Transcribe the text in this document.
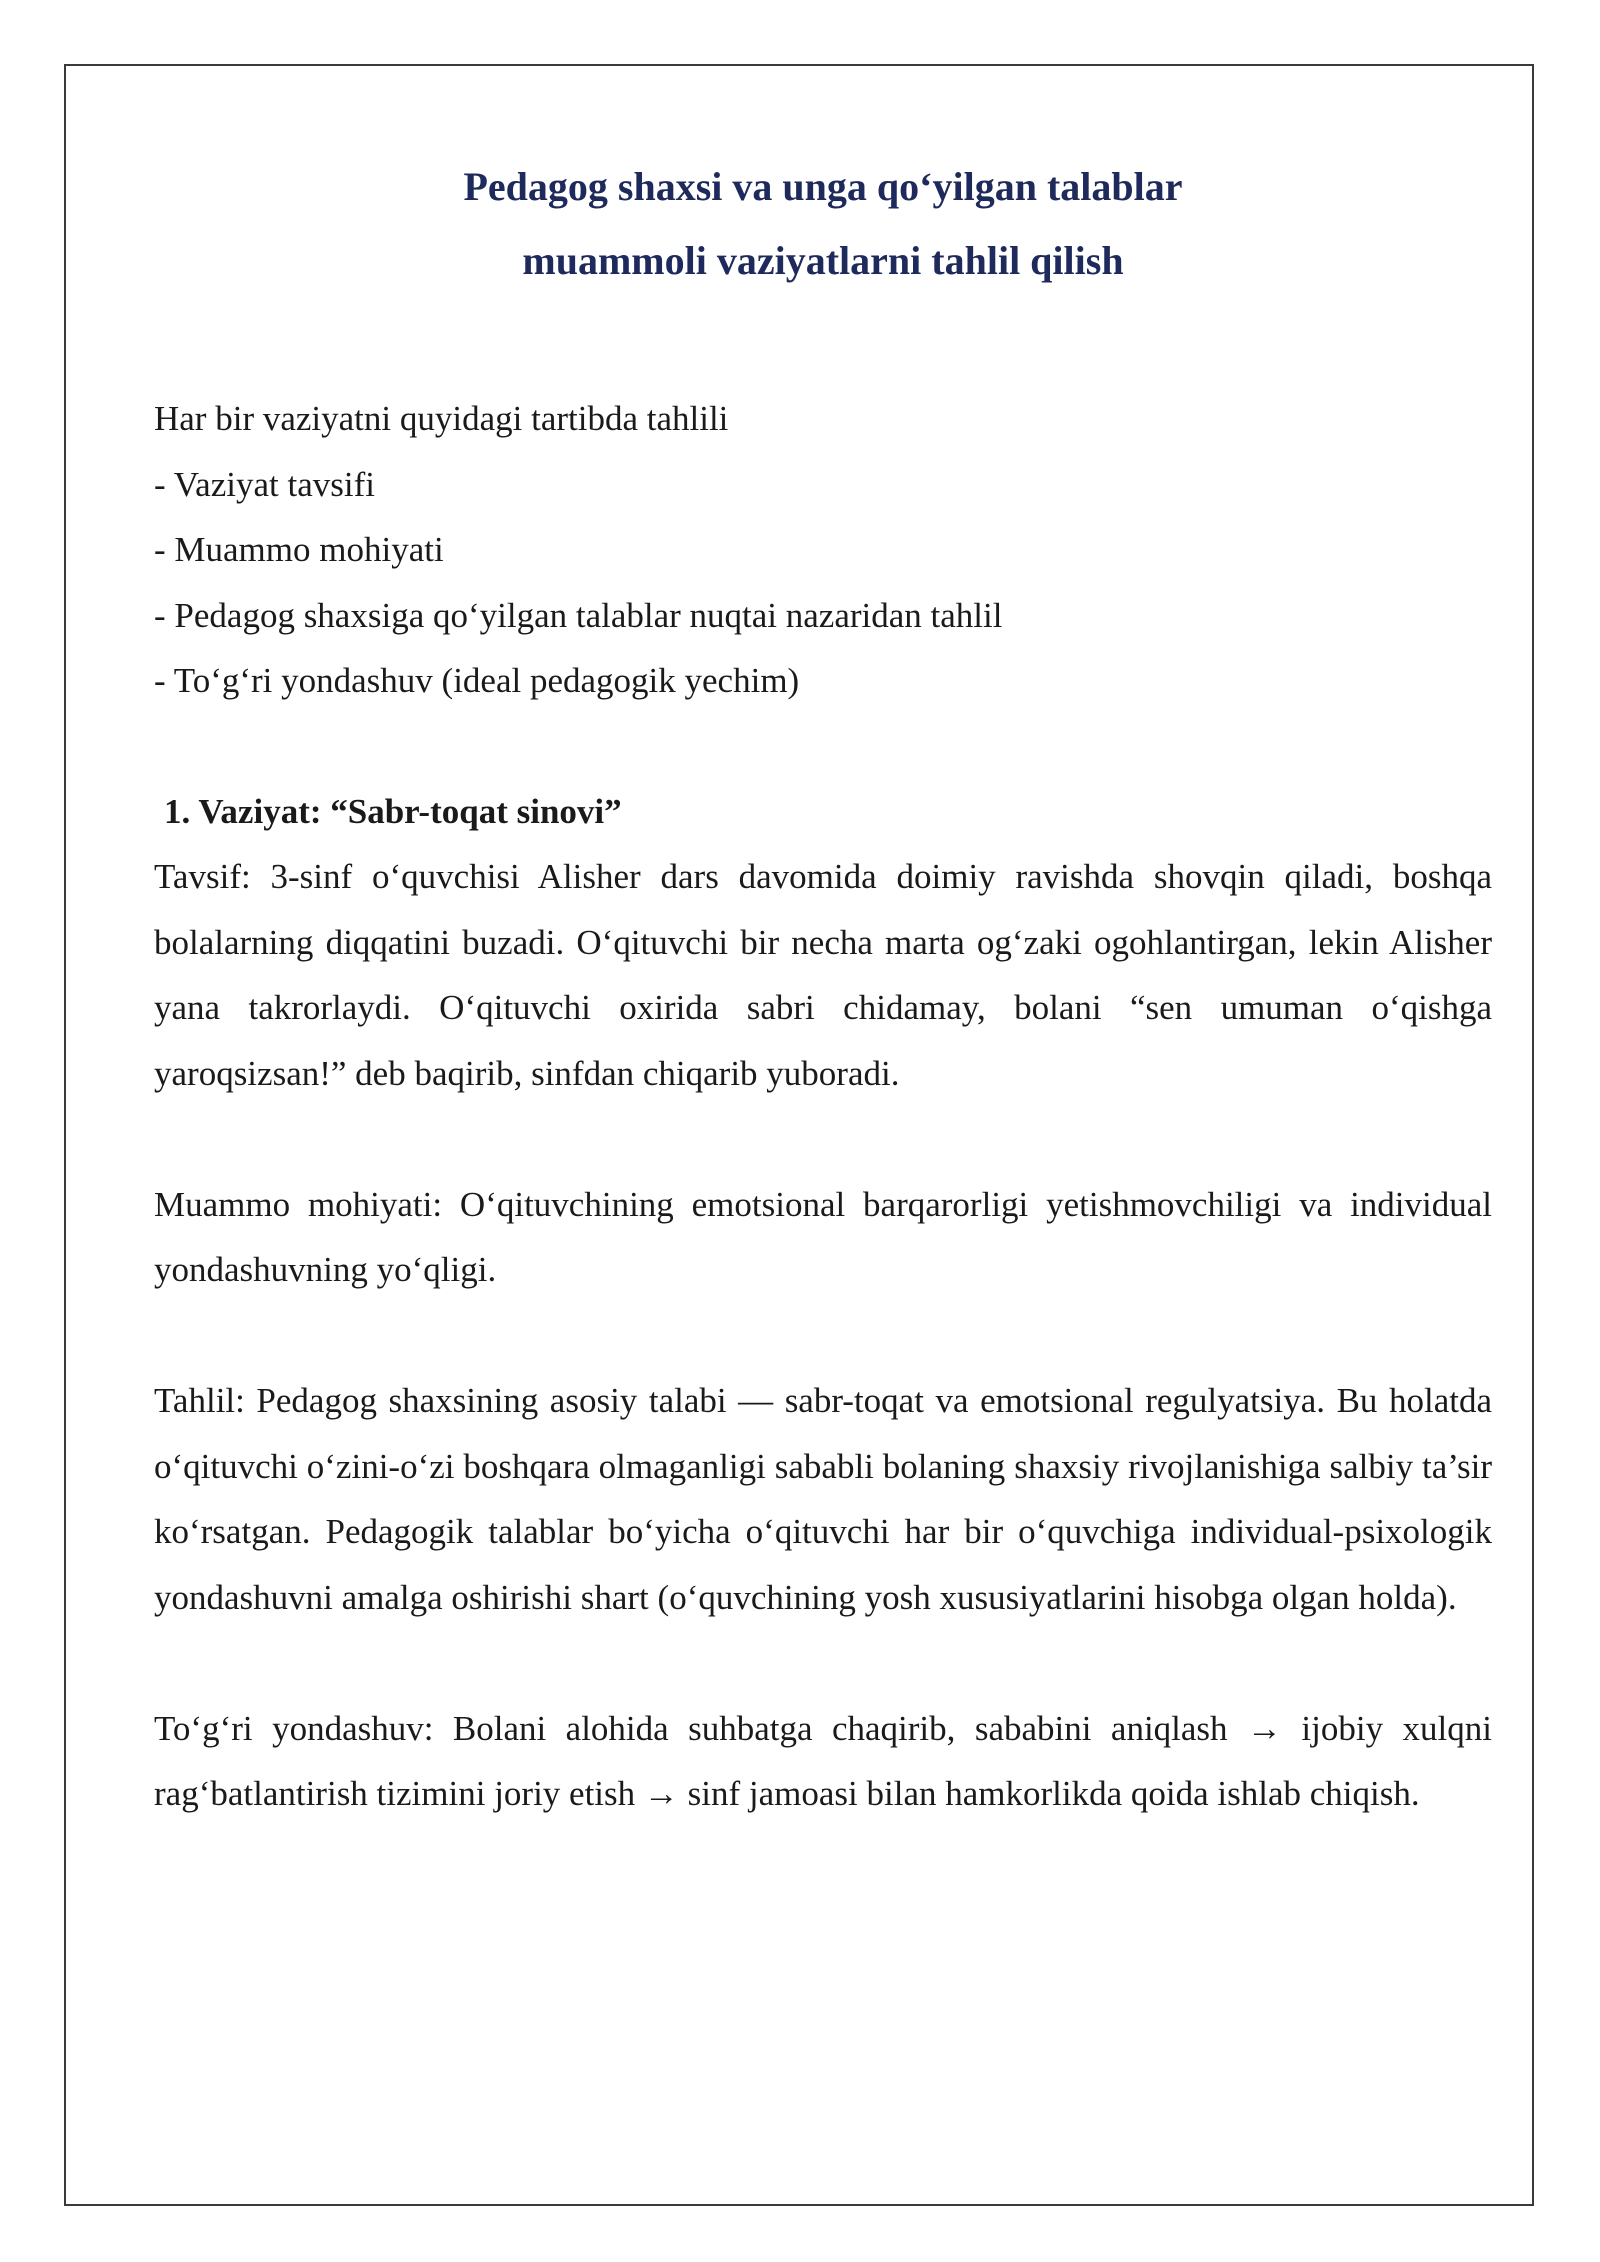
Pedagog shaxsi va unga qo‘yilgan talablar
muammoli vaziyatlarni tahlil qilish
Har bir vaziyatni quyidagi tartibda tahlili
- Vaziyat tavsifi
- Muammo mohiyati
- Pedagog shaxsiga qo‘yilgan talablar nuqtai nazaridan tahlil
- To‘g‘ri yondashuv (ideal pedagogik yechim)
1. Vaziyat: “Sabr-toqat sinovi”

Tavsif: 3-sinf o‘quvchisi Alisher dars davomida doimiy ravishda shovqin qiladi, boshqa bolalarning diqqatini buzadi. O‘qituvchi bir necha marta og‘zaki ogohlantirgan, lekin Alisher yana takrorlaydi. O‘qituvchi oxirida sabri chidamay, bolani “sen umuman o‘qishga yaroqsizsan!” deb baqirib, sinfdan chiqarib yuboradi.

Muammo mohiyati: O‘qituvchining emotsional barqarorligi yetishmovchiligi va individual yondashuvning yo‘qligi.

Tahlil: Pedagog shaxsining asosiy talabi — sabr-toqat va emotsional regulyatsiya. Bu holatda o‘qituvchi o‘zini-o‘zi boshqara olmaganligi sababli bolaning shaxsiy rivojlanishiga salbiy ta’sir ko‘rsatgan. Pedagogik talablar bo‘yicha o‘qituvchi har bir o‘quvchiga individual-psixologik yondashuvni amalga oshirishi shart (o‘quvchining yosh xususiyatlarini hisobga olgan holda).

To‘g‘ri yondashuv: Bolani alohida suhbatga chaqirib, sababini aniqlash → ijobiy xulqni rag‘batlantirish tizimini joriy etish → sinf jamoasi bilan hamkorlikda qoida ishlab chiqish.
